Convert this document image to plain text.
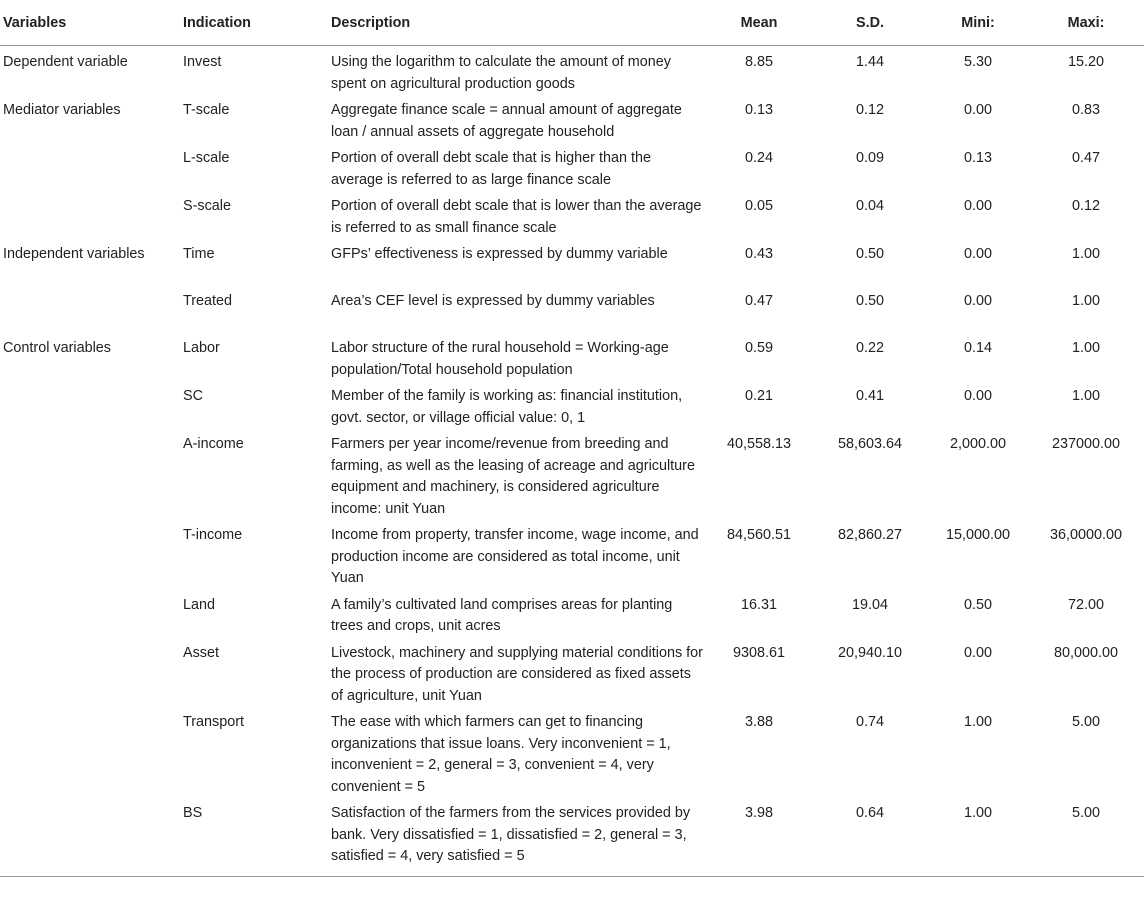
Variables	Indication	Description	Mean	S.D.	Mini:	Maxi:
Dependent variable	Invest	Using the logarithm to calculate the amount of money spent on agricultural production goods	8.85	1.44	5.30	15.20
Mediator variables	T-scale	Aggregate finance scale = annual amount of aggregate loan / annual assets of aggregate household	0.13	0.12	0.00	0.83
	L-scale	Portion of overall debt scale that is higher than the average is referred to as large finance scale	0.24	0.09	0.13	0.47
	S-scale	Portion of overall debt scale that is lower than the average is referred to as small finance scale	0.05	0.04	0.00	0.12
Independent variables	Time	GFPs’ effectiveness is expressed by dummy variable	0.43	0.50	0.00	1.00
	Treated	Area’s CEF level is expressed by dummy variables	0.47	0.50	0.00	1.00
Control variables	Labor	Labor structure of the rural household = Working-age population/Total household population	0.59	0.22	0.14	1.00
	SC	Member of the family is working as: financial institution, govt. sector, or village official value: 0, 1	0.21	0.41	0.00	1.00
	A-income	Farmers per year income/revenue from breeding and farming, as well as the leasing of acreage and agriculture equipment and machinery, is considered agriculture income: unit Yuan	40,558.13	58,603.64	2,000.00	237000.00
	T-income	Income from property, transfer income, wage income, and production income are considered as total income, unit Yuan	84,560.51	82,860.27	15,000.00	36,0000.00
	Land	A family’s cultivated land comprises areas for planting trees and crops, unit acres	16.31	19.04	0.50	72.00
	Asset	Livestock, machinery and supplying material conditions for the process of production are considered as fixed assets of agriculture, unit Yuan	9308.61	20,940.10	0.00	80,000.00
	Transport	The ease with which farmers can get to financing organizations that issue loans. Very inconvenient = 1, inconvenient = 2, general = 3, convenient = 4, very convenient = 5	3.88	0.74	1.00	5.00
	BS	Satisfaction of the farmers from the services provided by bank. Very dissatisfied = 1, dissatisfied = 2, general = 3, satisfied = 4, very satisfied = 5	3.98	0.64	1.00	5.00
